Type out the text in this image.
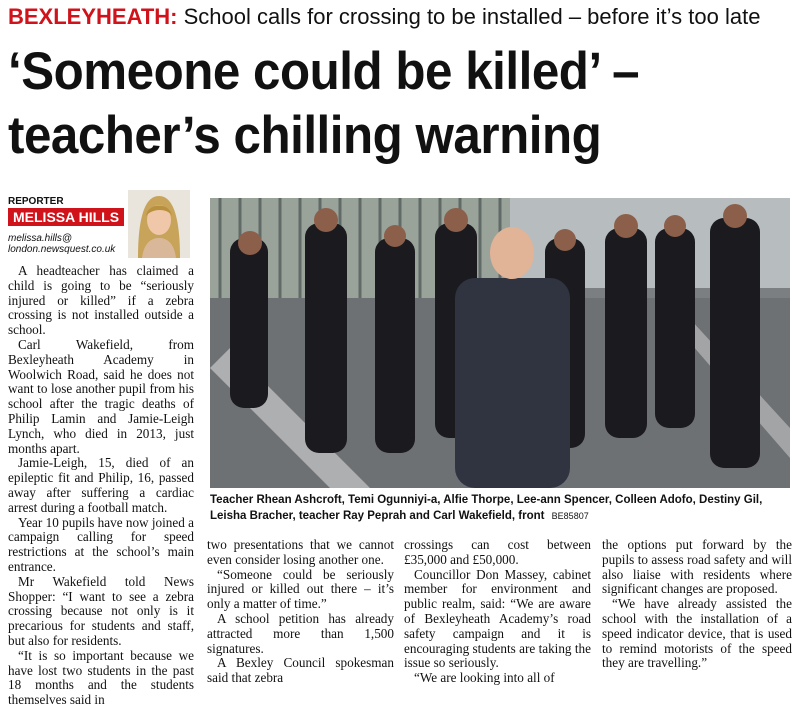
BEXLEYHEATH: School calls for crossing to be installed – before it’s too late
‘Someone could be killed’ –
teacher’s chilling warning
REPORTER
MELISSA HILLS
melissa.hills@
london.newsquest.co.uk
Teacher Rhean Ashcroft, Temi Ogunniyi-a, Alfie Thorpe, Lee-ann Spencer, Colleen Adofo, Destiny Gil, Leisha Bracher, teacher Ray Peprah and Carl Wakefield, front BE85807

A headteacher has claimed a child is going to be “seriously injured or killed” if a zebra crossing is not installed outside a school.

Carl Wakefield, from Bexleyheath Academy in Woolwich Road, said he does not want to lose another pupil from his school after the tragic deaths of Philip Lamin and Jamie-Leigh Lynch, who died in 2013, just months apart.

Jamie-Leigh, 15, died of an epileptic fit and Philip, 16, passed away after suffering a cardiac arrest during a football match.

Year 10 pupils have now joined a campaign calling for speed restrictions at the school’s main entrance.

Mr Wakefield told News Shopper: “I want to see a zebra crossing because not only is it precarious for students and staff, but also for residents.

“It is so important because we have lost two students in the past 18 months and the students themselves said in

two presentations that we cannot even consider losing another one.

“Someone could be seriously injured or killed out there – it’s only a matter of time.”

A school petition has already attracted more than 1,500 signatures.

A Bexley Council spokesman said that zebra

crossings can cost between £35,000 and £50,000.

Councillor Don Massey, cabinet member for environment and public realm, said: “We are aware of Bexleyheath Academy’s road safety campaign and it is encouraging students are taking the issue so seriously.

“We are looking into all of

the options put forward by the pupils to assess road safety and will also liaise with residents where significant changes are proposed.

“We have already assisted the school with the installation of a speed indicator device, that is used to remind motorists of the speed they are travelling.”
